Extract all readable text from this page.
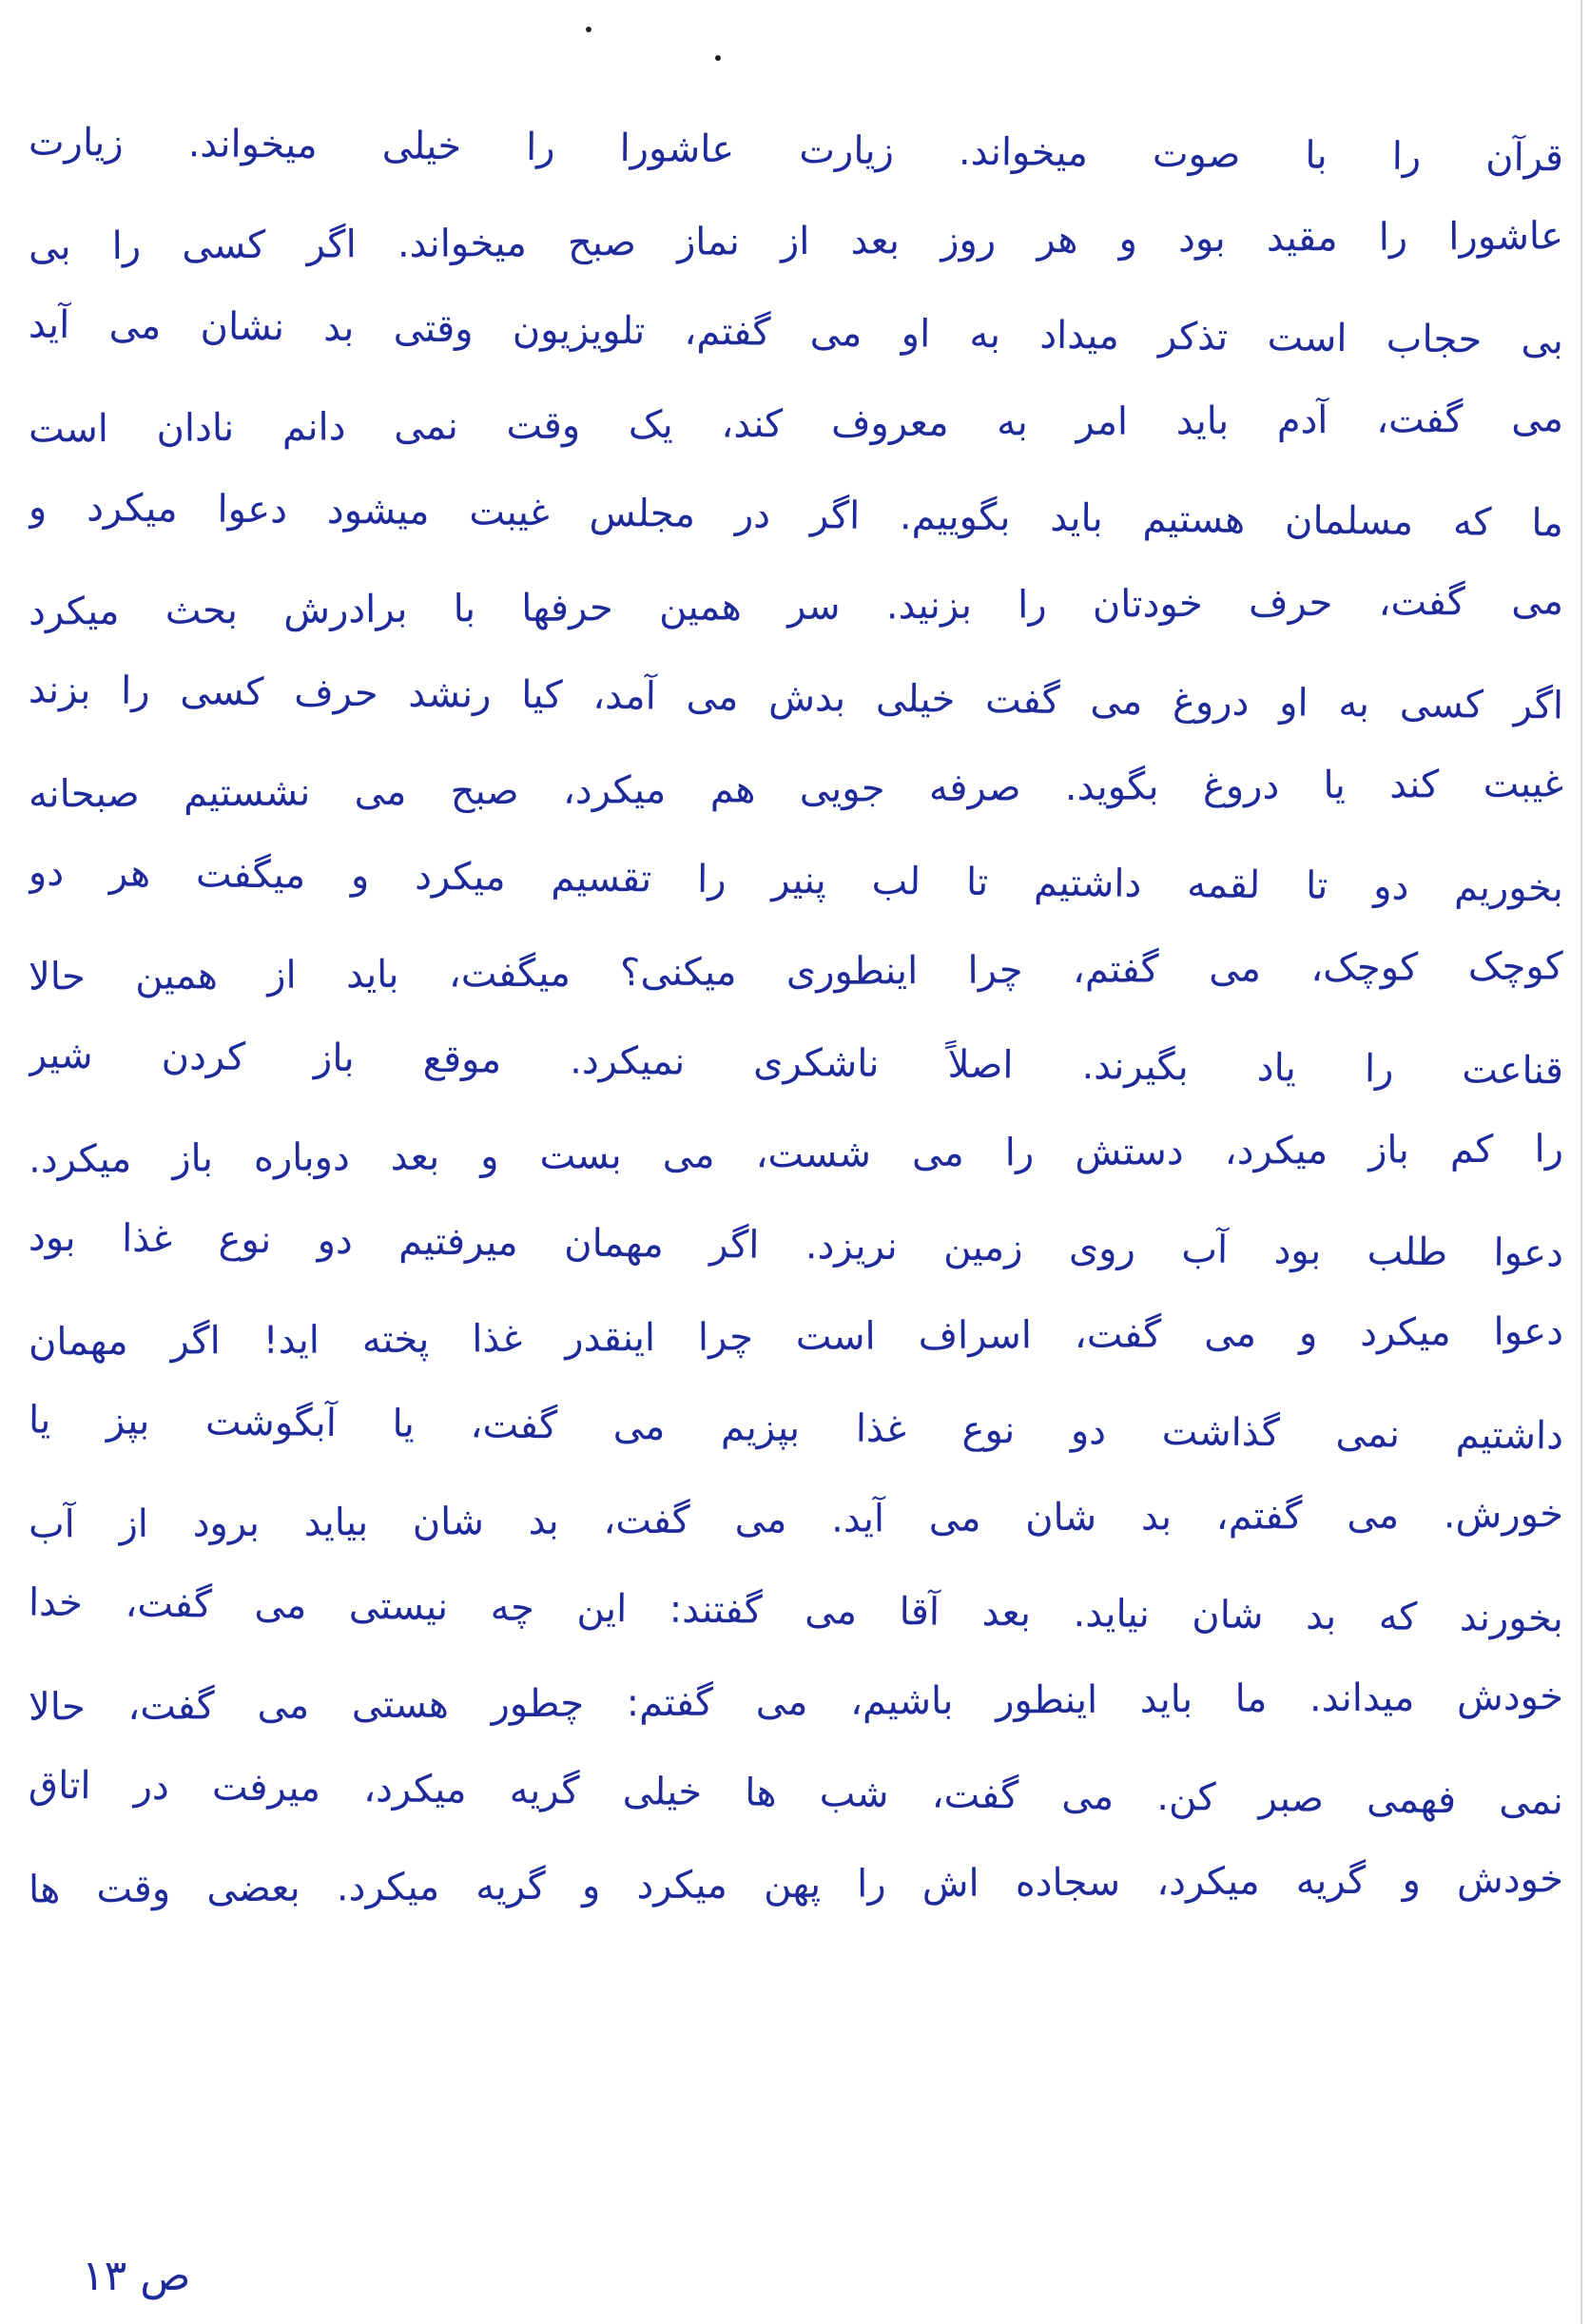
قرآن را با صوت میخواند. زیارت عاشورا را خیلی میخواند. زیارت
عاشورا را مقید بود و هر روز بعد از نماز صبح میخواند. اگر کسی را بی
بی حجاب است تذکر میداد به او می گفتم، تلویزیون وقتی بد نشان می آید
می گفت، آدم باید امر به معروف کند، یک وقت نمی دانم نادان است
ما که مسلمان هستیم باید بگوییم. اگر در مجلس غیبت میشود دعوا میکرد و
می گفت، حرف خودتان را بزنید. سر همین حرفها با برادرش بحث میکرد
اگر کسی به او دروغ می گفت خیلی بدش می آمد، کیا رنشد حرف کسی را بزند
غیبت کند یا دروغ بگوید. صرفه جویی هم میکرد، صبح می نشستیم صبحانه
بخوریم دو تا لقمه داشتیم تا لب پنیر را تقسیم میکرد و میگفت هر دو
کوچک کوچک، می گفتم، چرا اینطوری میکنی؟ میگفت، باید از همین حالا
قناعت را یاد بگیرند. اصلاً ناشکری نمیکرد. موقع باز کردن شیر
را کم باز میکرد، دستش را می شست، می بست و بعد دوباره باز میکرد.
دعوا طلب بود آب روی زمین نریزد. اگر مهمان میرفتیم دو نوع غذا بود
دعوا میکرد و می گفت، اسراف است چرا اینقدر غذا پخته اید! اگر مهمان
داشتیم نمی گذاشت دو نوع غذا بپزیم می گفت، یا آبگوشت بپز یا
خورش. می گفتم، بد شان می آید. می گفت، بد شان بیاید برود از آب
بخورند که بد شان نیاید. بعد آقا می گفتند: این چه نیستی می گفت، خدا
خودش میداند. ما باید اینطور باشیم، می گفتم: چطور هستی می گفت، حالا
نمی فهمی صبر کن. می گفت، شب ها خیلی گریه میکرد، میرفت در اتاق
خودش و گریه میکرد، سجاده اش را پهن میکرد و گریه میکرد. بعضی وقت ها
ص ۱۳
